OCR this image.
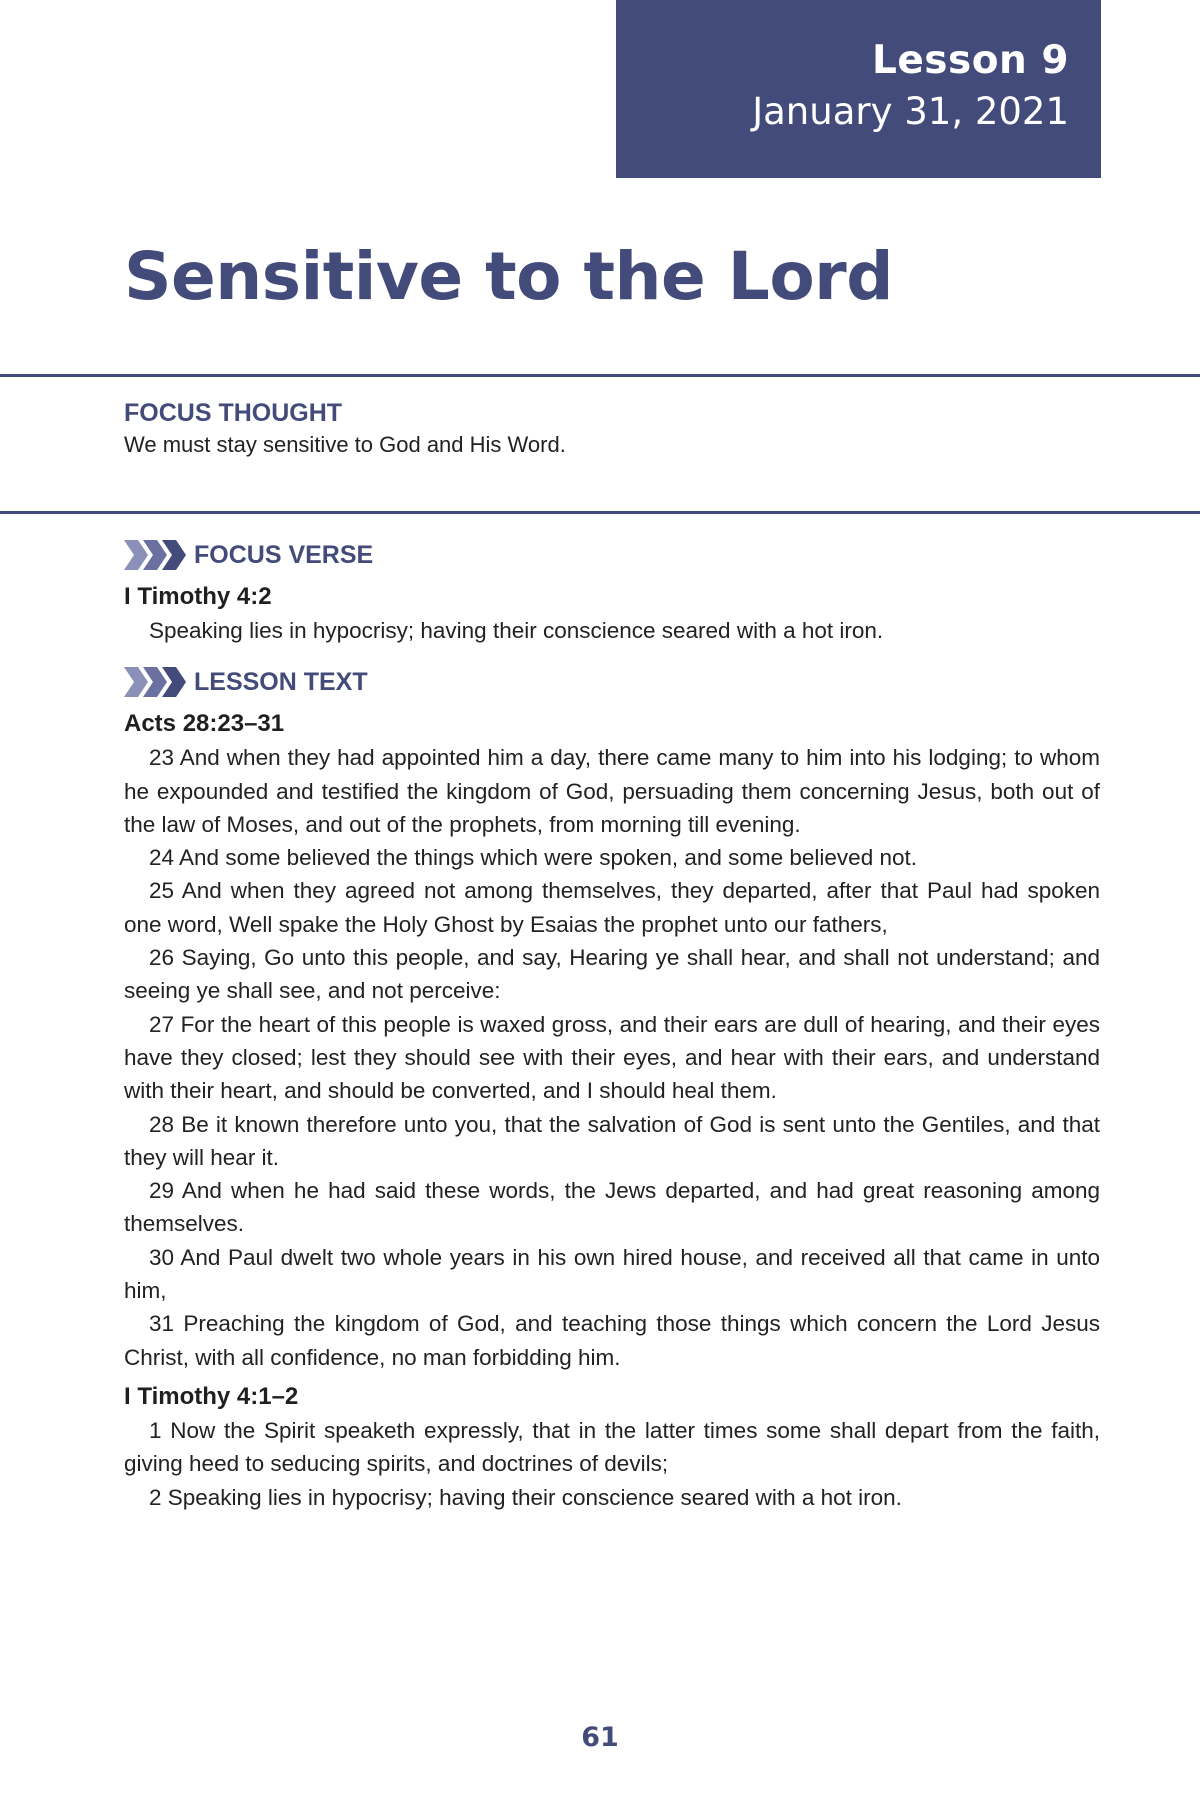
Lesson 9
January 31, 2021
Sensitive to the Lord
FOCUS THOUGHT
We must stay sensitive to God and His Word.
FOCUS VERSE
I Timothy 4:2

Speaking lies in hypocrisy; having their conscience seared with a hot iron.

LESSON TEXT
Acts 28:23–31

23 And when they had appointed him a day, there came many to him into his lodging; to whom he expounded and testified the kingdom of God, persuading them concerning Jesus, both out of the law of Moses, and out of the prophets, from morning till evening.

24 And some believed the things which were spoken, and some believed not.

25 And when they agreed not among themselves, they departed, after that Paul had spoken one word, Well spake the Holy Ghost by Esaias the prophet unto our fathers,

26 Saying, Go unto this people, and say, Hearing ye shall hear, and shall not understand; and seeing ye shall see, and not perceive:

27 For the heart of this people is waxed gross, and their ears are dull of hearing, and their eyes have they closed; lest they should see with their eyes, and hear with their ears, and understand with their heart, and should be converted, and I should heal them.

28 Be it known therefore unto you, that the salvation of God is sent unto the Gentiles, and that they will hear it.

29 And when he had said these words, the Jews departed, and had great reasoning among themselves.

30 And Paul dwelt two whole years in his own hired house, and received all that came in unto him,

31 Preaching the kingdom of God, and teaching those things which concern the Lord Jesus Christ, with all confidence, no man forbidding him.

I Timothy 4:1–2

1 Now the Spirit speaketh expressly, that in the latter times some shall depart from the faith, giving heed to seducing spirits, and doctrines of devils;

2 Speaking lies in hypocrisy; having their conscience seared with a hot iron.

61
